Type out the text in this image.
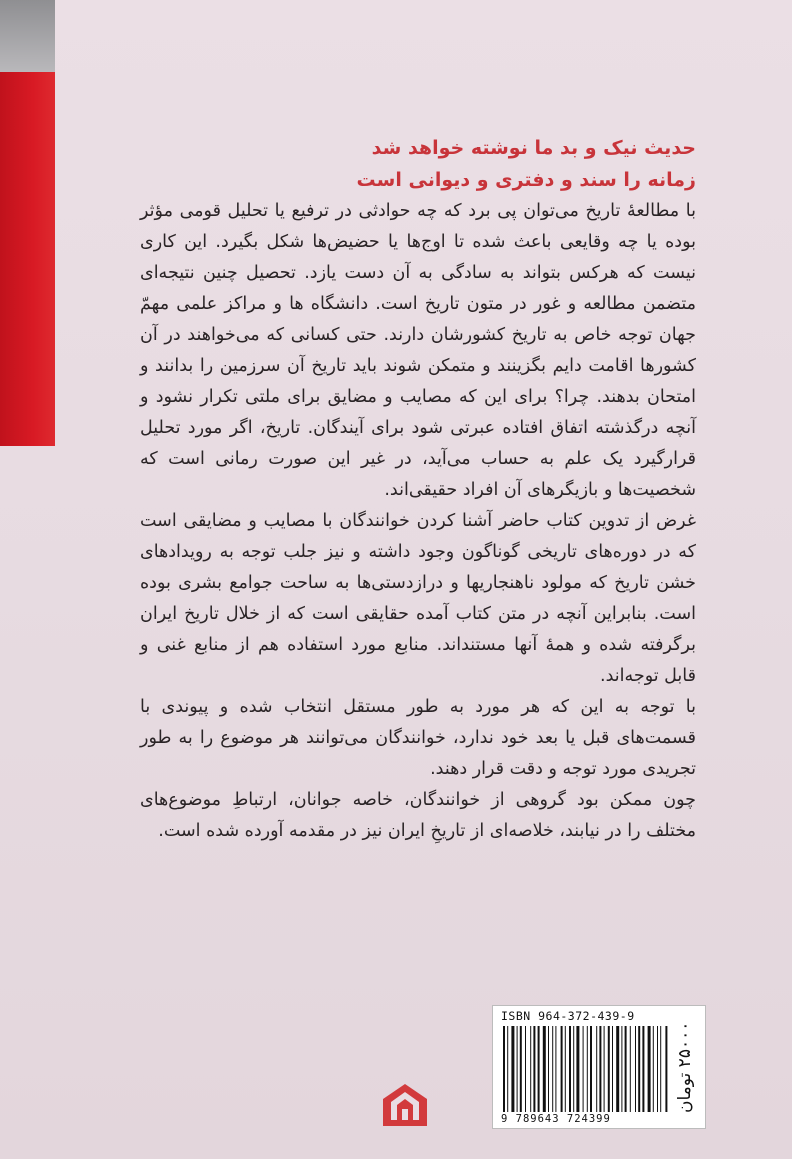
حدیث نیک و بد ما نوشته خواهد شد

زمانه را سند و دفتری و دیوانی است

با مطالعهٔ تاریخ می‌توان پی برد که چه حوادثی در ترفیع یا تحلیل قومی مؤثر بوده یا چه وقایعی باعث شده تا اوج‌ها یا حضیض‌ها شکل بگیرد. این کاری نیست که هرکس بتواند به سادگی به آن دست یازد. تحصیل چنین نتیجه‌ای متضمن مطالعه و غور در متون تاریخ است. دانشگاه ها و مراکز علمی مهمّ جهان توجه خاص به تاریخ کشورشان دارند. حتی کسانی که می‌خواهند در آن کشورها اقامت دایم بگزینند و متمکن شوند باید تاریخ آن سرزمین را بدانند و امتحان بدهند. چرا؟ برای این که مصایب و مضایق برای ملتی تکرار نشود و آنچه درگذشته اتفاق افتاده عبرتی شود برای آیندگان. تاریخ، اگر مورد تحلیل قرارگیرد یک علم به حساب می‌آید، در غیر این صورت رمانی است که شخصیت‌ها و بازیگرهای آن افراد حقیقی‌اند.

غرض از تدوین کتاب حاضر آشنا کردن خوانندگان با مصایب و مضایقی است که در دوره‌های تاریخی گوناگون وجود داشته و نیز جلب توجه به رویدادهای خشن تاریخ که مولود ناهنجاریها و درازدستی‌ها به ساحت جوامع بشری بوده است. بنابراین آنچه در متن کتاب آمده حقایقی است که از خلال تاریخ ایران برگرفته شده و همهٔ آنها مستنداند. منابع مورد استفاده هم از منابع غنی و قابل توجه‌اند.

با توجه به این که هر مورد به طور مستقل انتخاب شده و پیوندی با قسمت‌های قبل یا بعد خود ندارد، خوانندگان می‌توانند هر موضوع را به طور تجریدی مورد توجه و دقت قرار دهند.

چون ممکن بود گروهی از خوانندگان، خاصه جوانان، ارتباطِ موضوع‌های مختلف را در نیابند، خلاصه‌ای از تاریخِ ایران نیز در مقدمه آورده شده است.

ISBN 964-372-439-9
9 789643 724399
۲۵۰۰۰ تومان
